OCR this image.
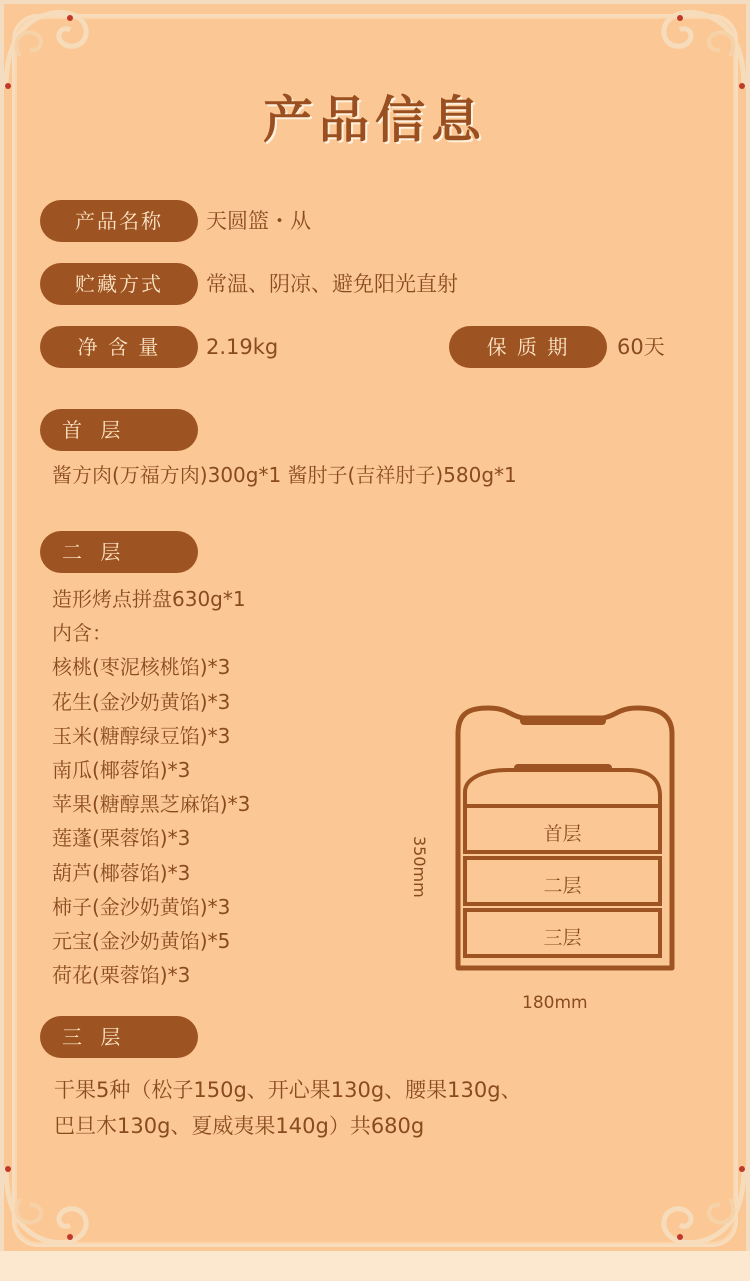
产品信息
产品名称	天圆篮・从
贮藏方式	常温、阴凉、避免阳光直射
净 含 量	2.19kg	保 质 期	60天
首 层
酱方肉(万福方肉)300g*1 酱肘子(吉祥肘子)580g*1
二 层
造形烤点拼盘630g*1
内含：
核桃(枣泥核桃馅)*3
花生(金沙奶黄馅)*3
玉米(糖醇绿豆馅)*3
南瓜(椰蓉馅)*3
苹果(糖醇黑芝麻馅)*3
莲蓬(栗蓉馅)*3
葫芦(椰蓉馅)*3
柿子(金沙奶黄馅)*3
元宝(金沙奶黄馅)*5
荷花(栗蓉馅)*3
首层
二层
三层
350mm
180mm
三 层
干果5种（松子150g、开心果130g、腰果130g、
巴旦木130g、夏威夷果140g）共680g
